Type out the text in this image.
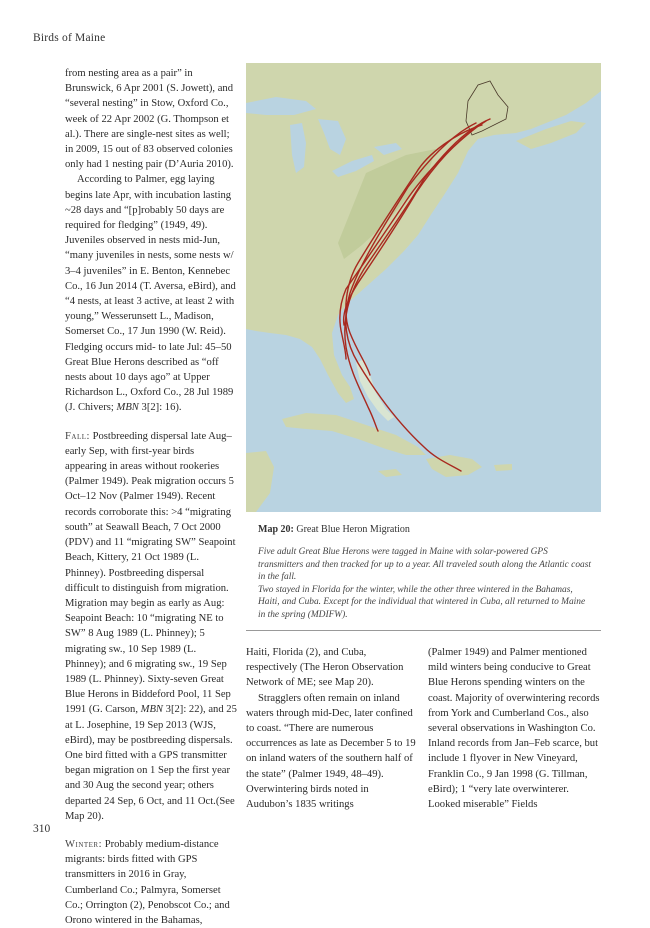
Birds of Maine

from nesting area as a pair” in Brunswick, 6 Apr 2001 (S. Jowett), and “several nesting” in Stow, Oxford Co., week of 22 Apr 2002 (G. Thompson et al.). There are single-nest sites as well; in 2009, 15 out of 83 observed colonies only had 1 nesting pair (D’Auria 2010).

According to Palmer, egg laying begins late Apr, with incubation lasting ~28 days and “[p]robably 50 days are required for fledging” (1949, 49). Juveniles observed in nests mid-Jun, “many juveniles in nests, some nests w/ 3–4 juveniles” in E. Benton, Kennebec Co., 16 Jun 2014 (T. Aversa, eBird), and “4 nests, at least 3 active, at least 2 with young,” Wesserunsett L., Madison, Somerset Co., 17 Jun 1990 (W. Reid). Fledging occurs mid- to late Jul: 45–50 Great Blue Herons described as “off nests about 10 days ago” at Upper Richardson L., Oxford Co., 28 Jul 1989 (J. Chivers; MBN 3[2]: 16).

Fall: Postbreeding dispersal late Aug–early Sep, with first-year birds appearing in areas without rookeries (Palmer 1949). Peak migration occurs 5 Oct–12 Nov (Palmer 1949). Recent records corroborate this: >4 “migrating south” at Seawall Beach, 7 Oct 2000 (PDV) and 11 “migrating SW” Seapoint Beach, Kittery, 21 Oct 1989 (L. Phinney). Postbreeding dispersal difficult to distinguish from migration. Migration may begin as early as Aug: Seapoint Beach: 10 “migrating NE to SW” 8 Aug 1989 (L. Phinney); 5 migrating sw., 10 Sep 1989 (L. Phinney); and 6 migrating sw., 19 Sep 1989 (L. Phinney). Sixty-seven Great Blue Herons in Biddeford Pool, 11 Sep 1991 (G. Carson, MBN 3[2]: 22), and 25 at L. Josephine, 19 Sep 2013 (WJS, eBird), may be postbreeding dispersals. One bird fitted with a GPS transmitter began migration on 1 Sep the first year and 30 Aug the second year; others departed 24 Sep, 6 Oct, and 11 Oct.(See Map 20).

Winter: Probably medium-distance migrants: birds fitted with GPS transmitters in 2016 in Gray, Cumberland Co.; Palmyra, Somerset Co.; Orrington (2), Penobscot Co.; and Orono wintered in the Bahamas,

Map 20: Great Blue Heron Migration

Five adult Great Blue Herons were tagged in Maine with solar-powered GPS transmitters and then tracked for up to a year. All traveled south along the Atlantic coast in the fall.

Two stayed in Florida for the winter, while the other three wintered in the Bahamas, Haiti, and Cuba. Except for the individual that wintered in Cuba, all returned to Maine in the spring (MDIFW).

Haiti, Florida (2), and Cuba, respectively (The Heron Observation Network of ME; see Map 20).

Stragglers often remain on inland waters through mid-Dec, later confined to coast. “There are numerous occurrences as late as December 5 to 19 on inland waters of the southern half of the state” (Palmer 1949, 48–49). Overwintering birds noted in Audubon’s 1835 writings

(Palmer 1949) and Palmer mentioned mild winters being conducive to Great Blue Herons spending winters on the coast. Majority of overwintering records from York and Cumberland Cos., also several observations in Washington Co. Inland records from Jan–Feb scarce, but include 1 flyover in New Vineyard, Franklin Co., 9 Jan 1998 (G. Tillman, eBird); 1 “very late overwinterer. Looked miserable” Fields

310
